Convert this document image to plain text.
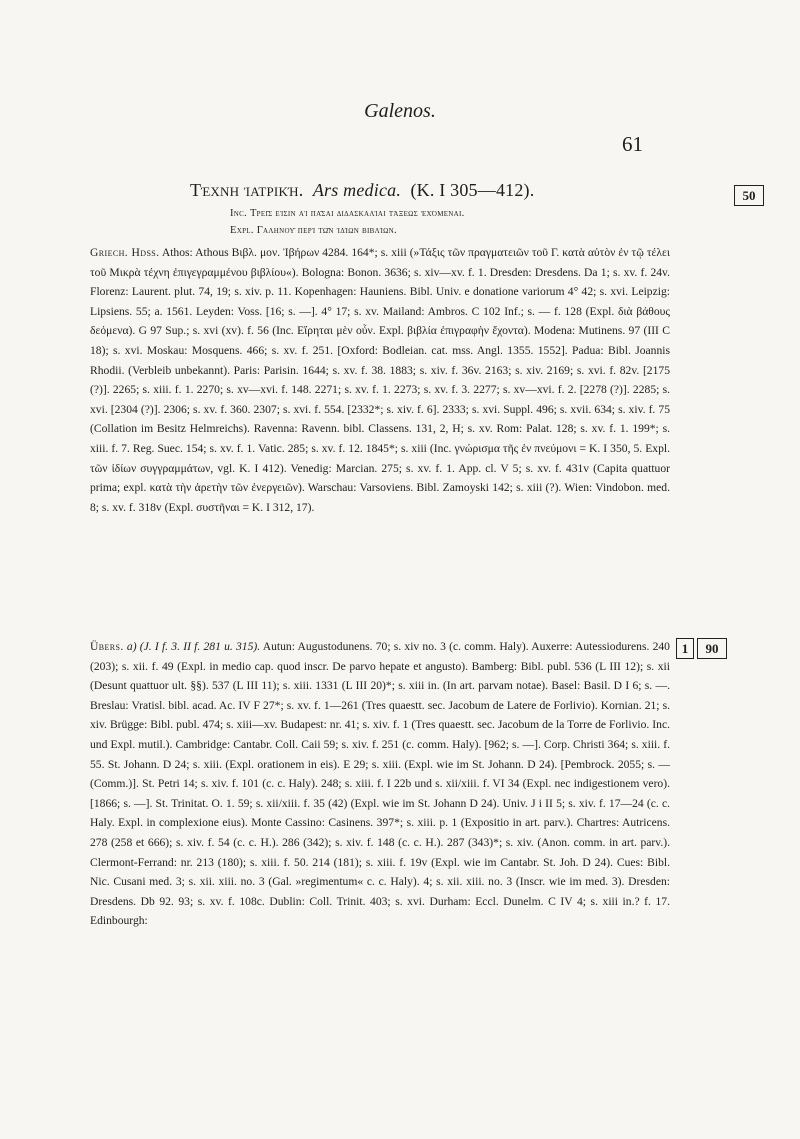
Galenos.
61
Τέχνη ἰατρική. Ars medica. (K. I 305—412).
Inc. Τρεῖς εἰσιν αἱ πᾶσαι διδασκαλίαι τάξεως ἐχόμεναι.
Expl. Γαληνοῦ περὶ τῶν ἰδίων βιβλίων.
50
1	90

Griech. Hdss. Athos: Athous Βιβλ. μον. Ἰβήρων 4284. 164*; s. xiii (»Τάξις τῶν πραγματειῶν τοῦ Γ. κατὰ αὐτὸν ἐν τῷ τέλει τοῦ Μικρὰ τέχνη ἐπιγεγραμμένου βιβλίου«). Bologna: Bonon. 3636; s. xiv—xv. f. 1. Dresden: Dresdens. Da 1; s. xv. f. 24v. Florenz: Laurent. plut. 74, 19; s. xiv. p. 11. Kopenhagen: Hauniens. Bibl. Univ. e donatione variorum 4° 42; s. xvi. Leipzig: Lipsiens. 55; a. 1561. Leyden: Voss. [16; s. —]. 4° 17; s. xv. Mailand: Ambros. C 102 Inf.; s. — f. 128 (Expl. διὰ βάθους δεόμενα). G 97 Sup.; s. xvi (xv). f. 56 (Inc. Εἴρηται μὲν οὖν. Expl. βιβλία ἐπιγραφὴν ἔχοντα). Modena: Mutinens. 97 (III C 18); s. xvi. Moskau: Mosquens. 466; s. xv. f. 251. [Oxford: Bodleian. cat. mss. Angl. 1355. 1552]. Padua: Bibl. Joannis Rhodii. (Verbleib unbekannt). Paris: Parisin. 1644; s. xv. f. 38. 1883; s. xiv. f. 36v. 2163; s. xiv. 2169; s. xvi. f. 82v. [2175 (?)]. 2265; s. xiii. f. 1. 2270; s. xv—xvi. f. 148. 2271; s. xv. f. 1. 2273; s. xv. f. 3. 2277; s. xv—xvi. f. 2. [2278 (?)]. 2285; s. xvi. [2304 (?)]. 2306; s. xv. f. 360. 2307; s. xvi. f. 554. [2332*; s. xiv. f. 6]. 2333; s. xvi. Suppl. 496; s. xvii. 634; s. xiv. f. 75 (Collation im Besitz Helmreichs). Ravenna: Ravenn. bibl. Classens. 131, 2, H; s. xv. Rom: Palat. 128; s. xv. f. 1. 199*; s. xiii. f. 7. Reg. Suec. 154; s. xv. f. 1. Vatic. 285; s. xv. f. 12. 1845*; s. xiii (Inc. γνώρισμα τῆς ἐν πνεύμονι = K. I 350, 5. Expl. τῶν ἰδίων συγγραμμάτων, vgl. K. I 412). Venedig: Marcian. 275; s. xv. f. 1. App. cl. V 5; s. xv. f. 431v (Capita quattuor prima; expl. κατὰ τὴν ἀρετὴν τῶν ἐνεργειῶν). Warschau: Varsoviens. Bibl. Zamoyski 142; s. xiii (?). Wien: Vindobon. med. 8; s. xv. f. 318v (Expl. συστῆναι = K. I 312, 17).

Übers. a) (J. I f. 3. II f. 281 u. 315). Autun: Augustodunens. 70; s. xiv no. 3 (c. comm. Haly). Auxerre: Autessiodurens. 240 (203); s. xii. f. 49 (Expl. in medio cap. quod inscr. De parvo hepate et angusto). Bamberg: Bibl. publ. 536 (L III 12); s. xii (Desunt quattuor ult. §§). 537 (L III 11); s. xiii. 1331 (L III 20)*; s. xiii in. (In art. parvam notae). Basel: Basil. D I 6; s. —. Breslau: Vratisl. bibl. acad. Ac. IV F 27*; s. xv. f. 1—261 (Tres quaestt. sec. Jacobum de Latere de Forlivio). Kornian. 21; s. xiv. Brügge: Bibl. publ. 474; s. xiii—xv. Budapest: nr. 41; s. xiv. f. 1 (Tres quaestt. sec. Jacobum de la Torre de Forlivio. Inc. und Expl. mutil.). Cambridge: Cantabr. Coll. Caii 59; s. xiv. f. 251 (c. comm. Haly). [962; s. —]. Corp. Christi 364; s. xiii. f. 55. St. Johann. D 24; s. xiii. (Expl. orationem in eis). E 29; s. xiii. (Expl. wie im St. Johann. D 24). [Pembrock. 2055; s. — (Comm.)]. St. Petri 14; s. xiv. f. 101 (c. c. Haly). 248; s. xiii. f. I 22b und s. xii/xiii. f. VI 34 (Expl. nec indigestionem vero). [1866; s. —]. St. Trinitat. O. 1. 59; s. xii/xiii. f. 35 (42) (Expl. wie im St. Johann D 24). Univ. J i II 5; s. xiv. f. 17—24 (c. c. Haly. Expl. in complexione eius). Monte Cassino: Casinens. 397*; s. xiii. p. 1 (Expositio in art. parv.). Chartres: Autricens. 278 (258 et 666); s. xiv. f. 54 (c. c. H.). 286 (342); s. xiv. f. 148 (c. c. H.). 287 (343)*; s. xiv. (Anon. comm. in art. parv.). Clermont-Ferrand: nr. 213 (180); s. xiii. f. 50. 214 (181); s. xiii. f. 19v (Expl. wie im Cantabr. St. Joh. D 24). Cues: Bibl. Nic. Cusani med. 3; s. xii. xiii. no. 3 (Gal. »regimentum« c. c. Haly). 4; s. xii. xiii. no. 3 (Inscr. wie im med. 3). Dresden: Dresdens. Db 92. 93; s. xv. f. 108c. Dublin: Coll. Trinit. 403; s. xvi. Durham: Eccl. Dunelm. C IV 4; s. xiii in.? f. 17. Edinbourgh:
